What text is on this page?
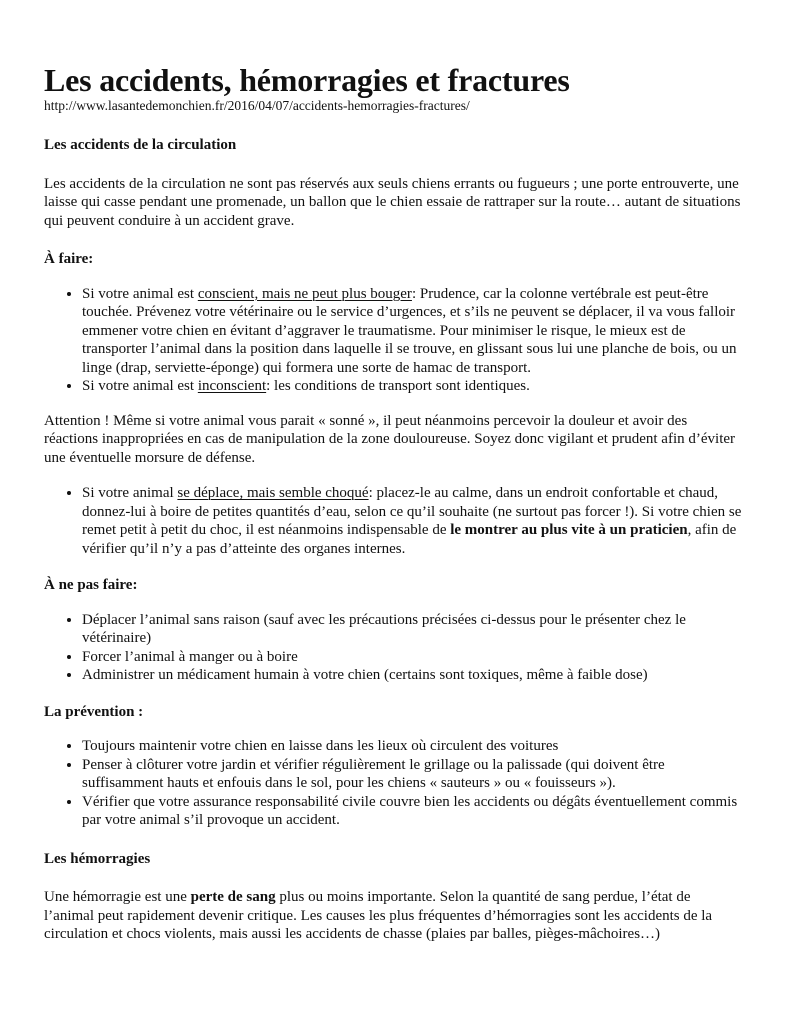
Les accidents, hémorragies et fractures
http://www.lasantedemonchien.fr/2016/04/07/accidents-hemorragies-fractures/
Les accidents de la circulation

Les accidents de la circulation ne sont pas réservés aux seuls chiens errants ou fugueurs ; une porte entrouverte, une laisse qui casse pendant une promenade, un ballon que le chien essaie de rattraper sur la route… autant de situations qui peuvent conduire à un accident grave.

À faire:
• Si votre animal est conscient, mais ne peut plus bouger: Prudence, car la colonne vertébrale est peut-être touchée. Prévenez votre vétérinaire ou le service d’urgences, et s’ils ne peuvent se déplacer, il va vous falloir emmener votre chien en évitant d’aggraver le traumatisme. Pour minimiser le risque, le mieux est de transporter l’animal dans la position dans laquelle il se trouve, en glissant sous lui une planche de bois, ou un linge (drap, serviette-éponge) qui formera une sorte de hamac de transport.
• Si votre animal est inconscient: les conditions de transport sont identiques.

Attention ! Même si votre animal vous parait « sonné », il peut néanmoins percevoir la douleur et avoir des réactions inappropriées en cas de manipulation de la zone douloureuse. Soyez donc vigilant et prudent afin d’éviter une éventuelle morsure de défense.

• Si votre animal se déplace, mais semble choqué: placez-le au calme, dans un endroit confortable et chaud, donnez-lui à boire de petites quantités d’eau, selon ce qu’il souhaite (ne surtout pas forcer !). Si votre chien se remet petit à petit du choc, il est néanmoins indispensable de le montrer au plus vite à un praticien, afin de vérifier qu’il n’y a pas d’atteinte des organes internes.
À ne pas faire:
• Déplacer l’animal sans raison (sauf avec les précautions précisées ci-dessus pour le présenter chez le vétérinaire)
• Forcer l’animal à manger ou à boire
• Administrer un médicament humain à votre chien (certains sont toxiques, même à faible dose)
La prévention :
• Toujours maintenir votre chien en laisse dans les lieux où circulent des voitures
• Penser à clôturer votre jardin et vérifier régulièrement le grillage ou la palissade (qui doivent être suffisamment hauts et enfouis dans le sol, pour les chiens « sauteurs » ou « fouisseurs »).
• Vérifier que votre assurance responsabilité civile couvre bien les accidents ou dégâts éventuellement commis par votre animal s’il provoque un accident.
Les hémorragies

Une hémorragie est une perte de sang plus ou moins importante. Selon la quantité de sang perdue, l’état de l’animal peut rapidement devenir critique. Les causes les plus fréquentes d’hémorragies sont les accidents de la circulation et chocs violents, mais aussi les accidents de chasse (plaies par balles, pièges-mâchoires…)
